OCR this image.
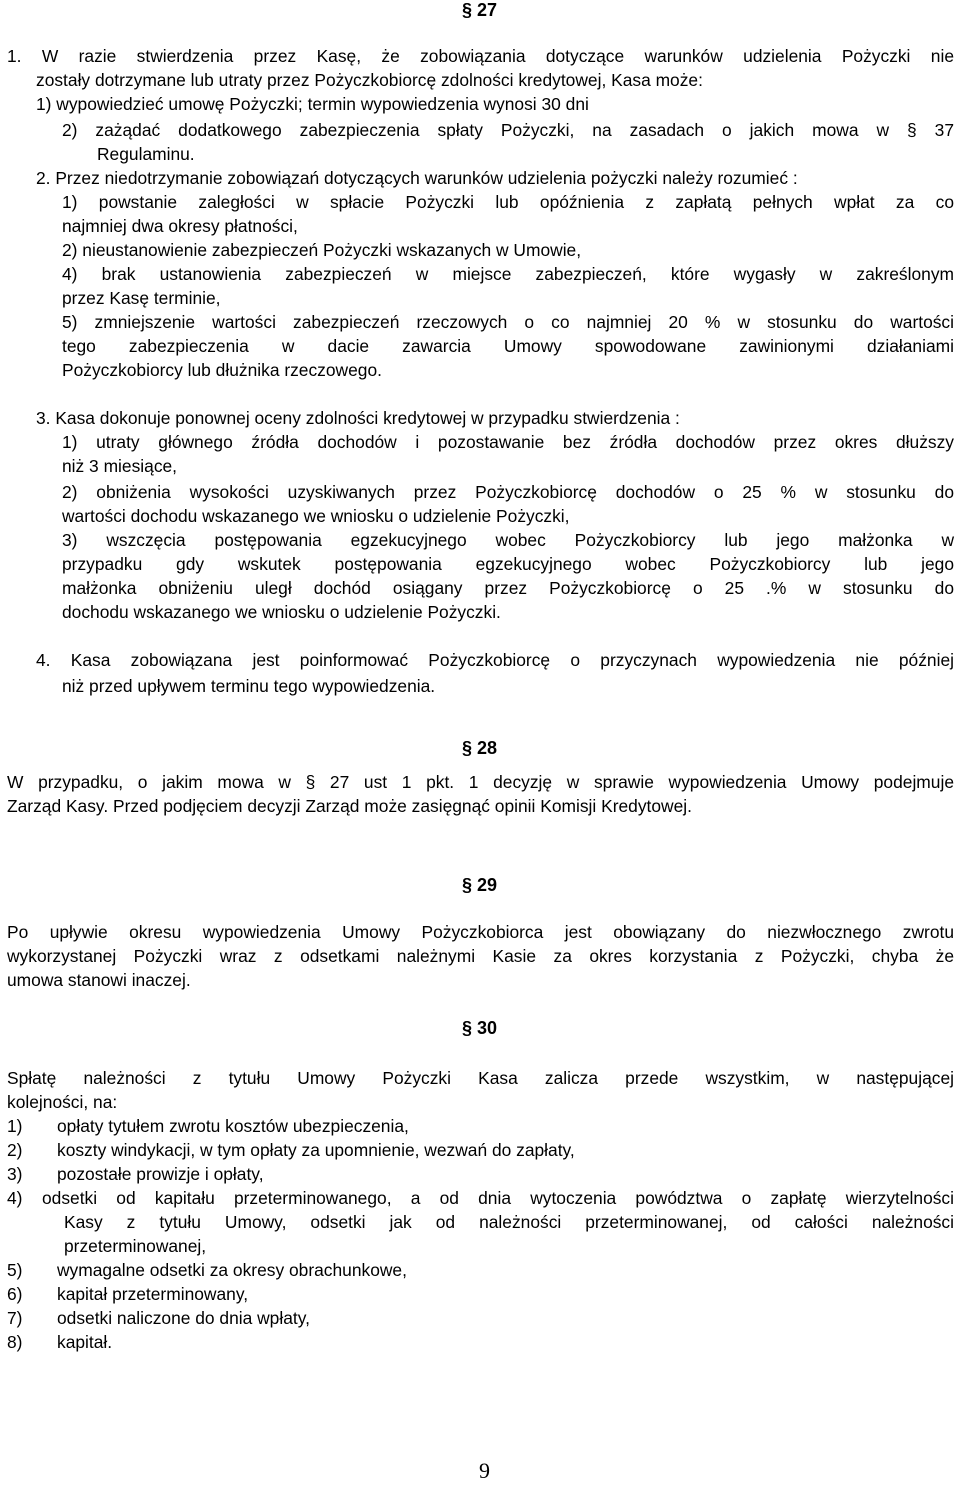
§ 27
1. W razie stwierdzenia przez Kasę, że zobowiązania dotyczące warunków udzielenia Pożyczki nie
zostały dotrzymane lub utraty przez Pożyczkobiorcę zdolności kredytowej, Kasa może:
1) wypowiedzieć umowę Pożyczki; termin wypowiedzenia wynosi 30 dni
2) zażądać dodatkowego zabezpieczenia spłaty Pożyczki, na zasadach o jakich mowa w § 37
Regulaminu.
2. Przez niedotrzymanie zobowiązań dotyczących warunków udzielenia pożyczki należy rozumieć :
1) powstanie zaległości w spłacie Pożyczki lub opóźnienia z zapłatą pełnych wpłat za co
najmniej dwa okresy płatności,
2) nieustanowienie zabezpieczeń Pożyczki wskazanych w Umowie,
4) brak ustanowienia zabezpieczeń w miejsce zabezpieczeń, które wygasły w zakreślonym
przez Kasę terminie,
5) zmniejszenie wartości zabezpieczeń rzeczowych o co najmniej 20 % w stosunku do wartości
tego zabezpieczenia w dacie zawarcia Umowy spowodowane zawinionymi działaniami
Pożyczkobiorcy lub dłużnika rzeczowego.
3. Kasa dokonuje ponownej oceny zdolności kredytowej w przypadku stwierdzenia :
1) utraty głównego źródła dochodów i pozostawanie bez źródła dochodów przez okres dłuższy
niż 3 miesiące,
2) obniżenia wysokości uzyskiwanych przez Pożyczkobiorcę dochodów o 25 % w stosunku do
wartości dochodu wskazanego we wniosku o udzielenie Pożyczki,
3) wszczęcia postępowania egzekucyjnego wobec Pożyczkobiorcy lub jego małżonka w
przypadku gdy wskutek postępowania egzekucyjnego wobec Pożyczkobiorcy lub jego
małżonka obniżeniu uległ dochód osiągany przez Pożyczkobiorcę o 25 .% w stosunku do
dochodu wskazanego we wniosku o udzielenie Pożyczki.
4. Kasa zobowiązana jest poinformować Pożyczkobiorcę o przyczynach wypowiedzenia nie później
niż przed upływem terminu tego wypowiedzenia.
§ 28
W przypadku, o jakim mowa w § 27 ust 1 pkt. 1 decyzję w sprawie wypowiedzenia Umowy podejmuje
Zarząd Kasy. Przed podjęciem decyzji Zarząd może zasięgnąć opinii Komisji Kredytowej.
§ 29
Po upływie okresu wypowiedzenia Umowy Pożyczkobiorca jest obowiązany do niezwłocznego zwrotu
wykorzystanej Pożyczki wraz z odsetkami należnymi Kasie za okres korzystania z Pożyczki, chyba że
umowa stanowi inaczej.
§ 30
Spłatę należności z tytułu Umowy Pożyczki Kasa zalicza przede wszystkim, w następującej
kolejności, na:
1) opłaty tytułem zwrotu kosztów ubezpieczenia,
2) koszty windykacji, w tym opłaty za upomnienie, wezwań do zapłaty,
3) pozostałe prowizje i opłaty,
4) odsetki od kapitału przeterminowanego, a od dnia wytoczenia powództwa o zapłatę wierzytelności
Kasy z tytułu Umowy, odsetki jak od należności przeterminowanej, od całości należności
przeterminowanej,
5) wymagalne odsetki za okresy obrachunkowe,
6) kapitał przeterminowany,
7) odsetki naliczone do dnia wpłaty,
8) kapitał.
9
